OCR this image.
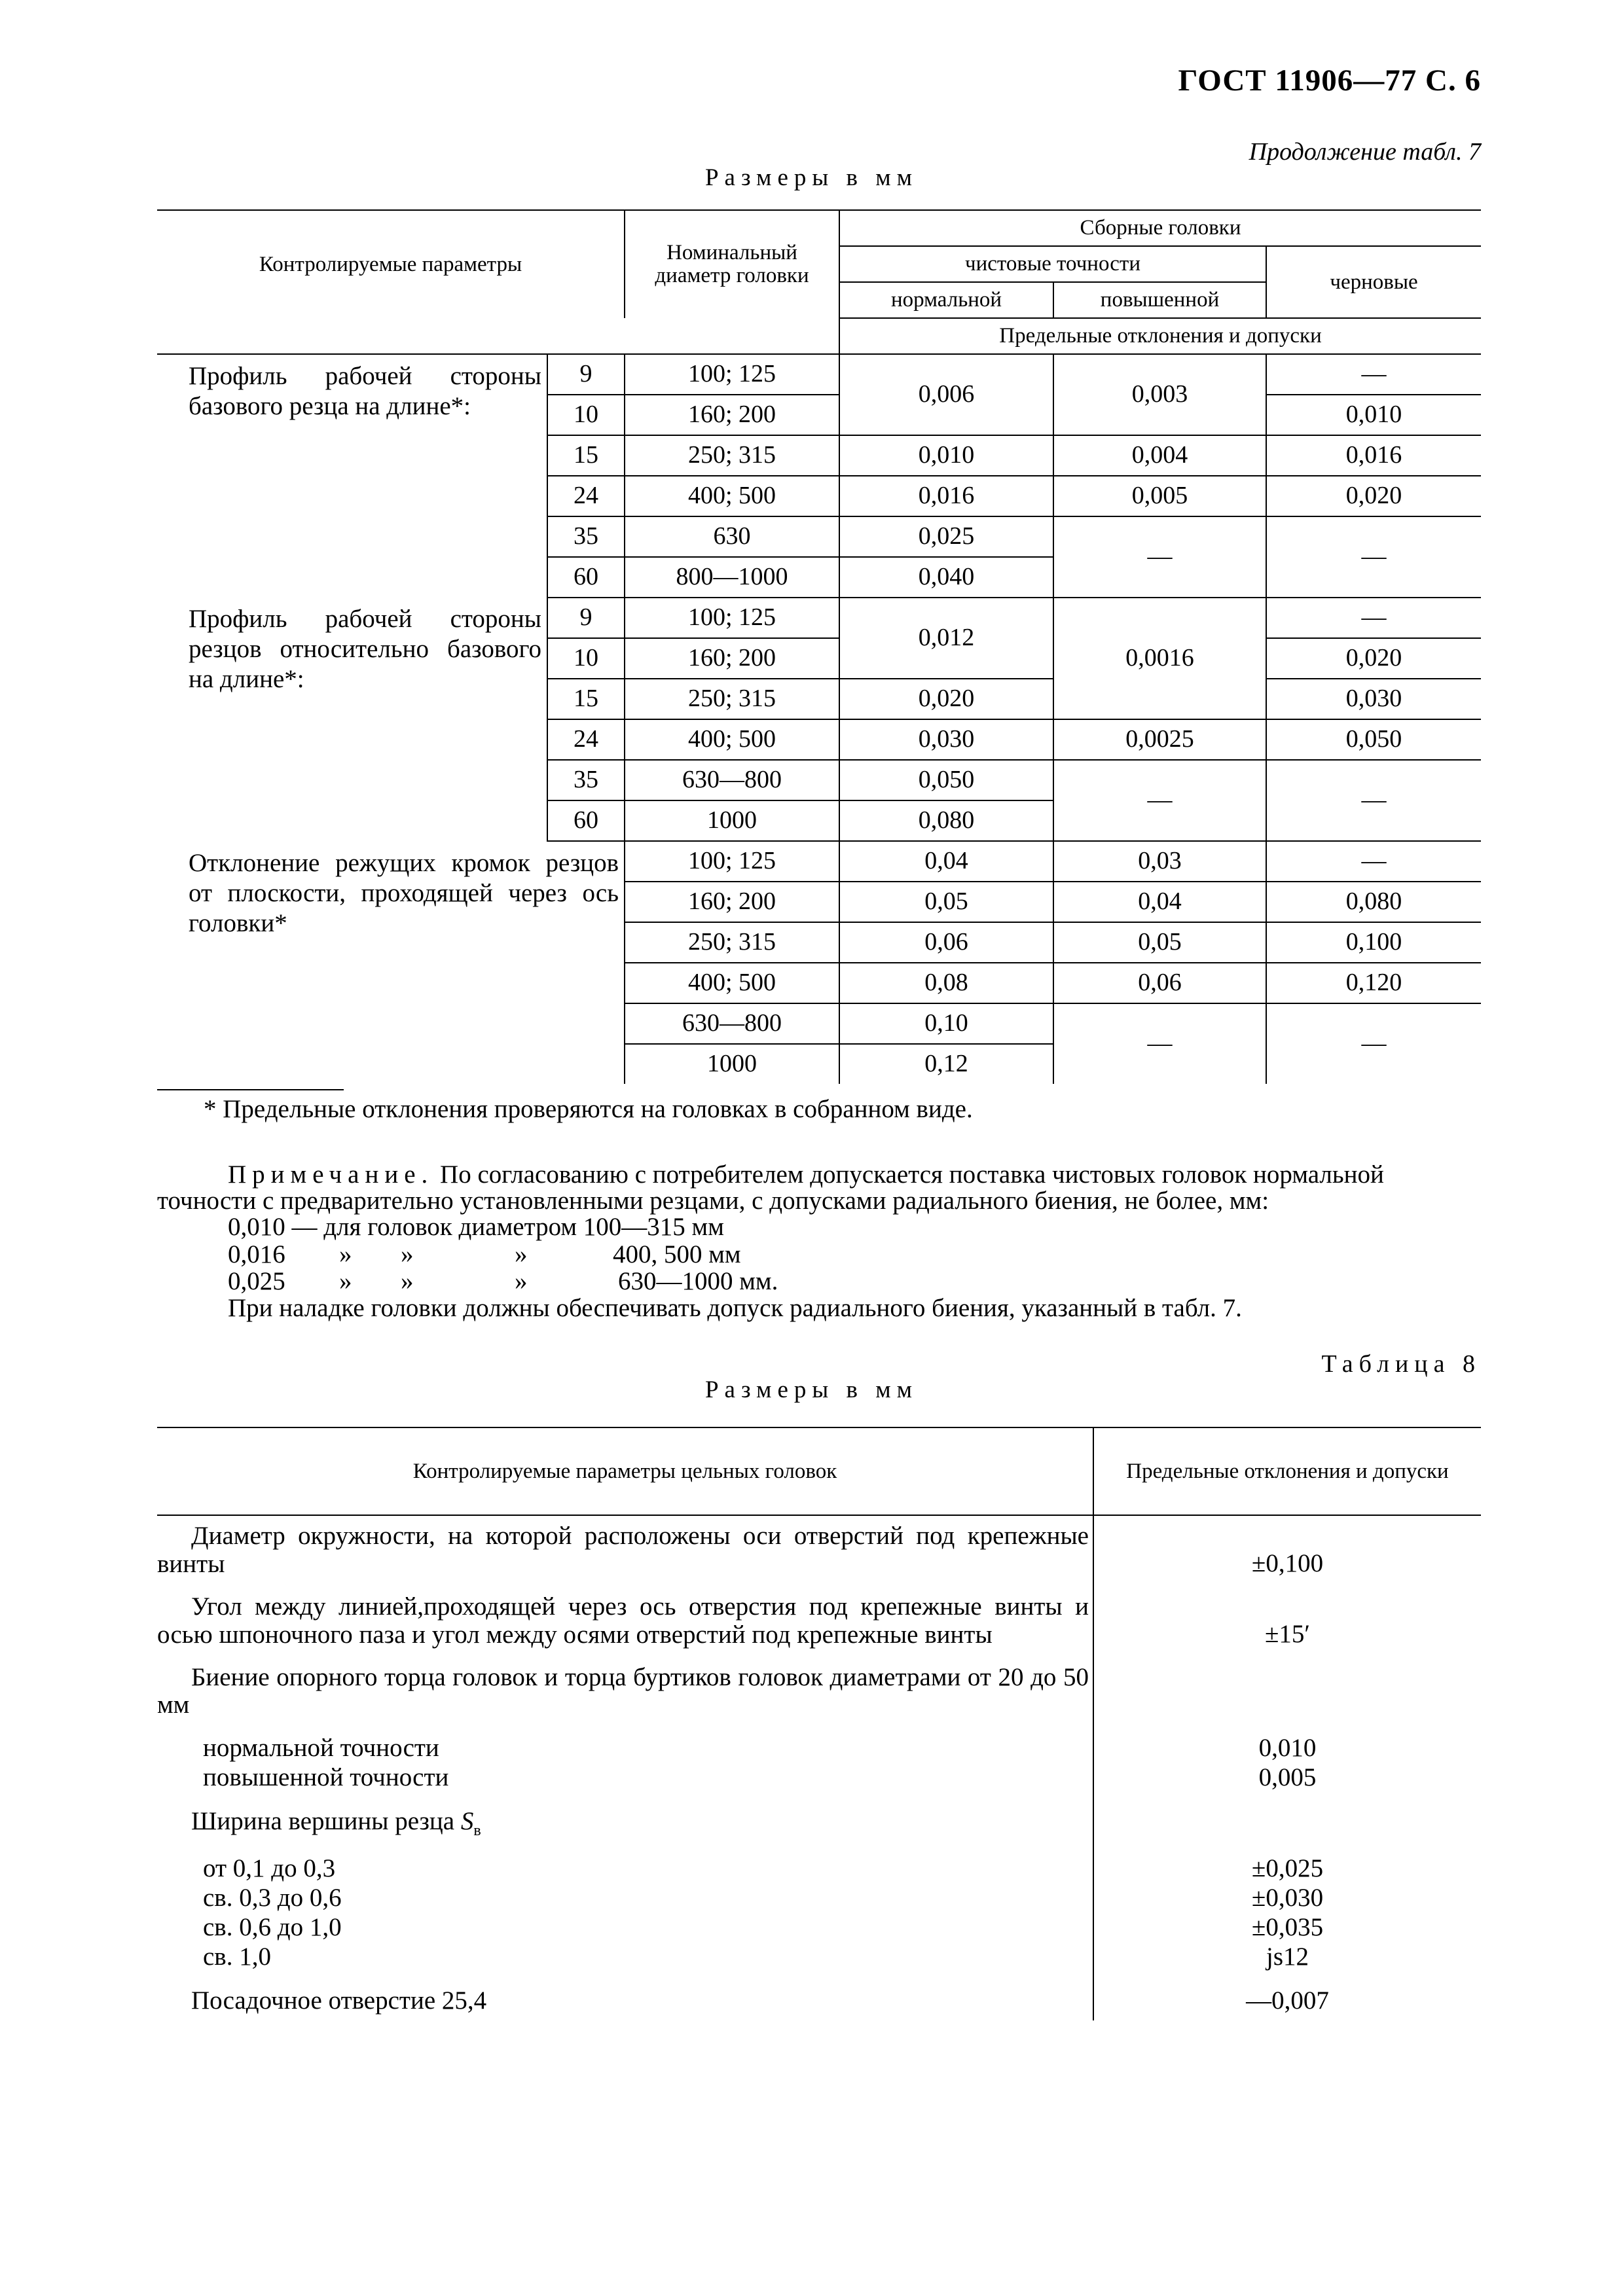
ГОСТ 11906—77 С. 6
Продолжение табл. 7
Размеры в мм
Контролируемые параметры		Номинальный диаметр головки	Сборные головки		
			чистовые точности		черновые
			нормальной	повышенной	
			Предельные отклонения и допуски		
Профиль рабочей стороны базового резца на длине*:	9	100; 125	0,006	0,003	—
	10	160; 200			0,010
	15	250; 315	0,010	0,004	0,016
	24	400; 500	0,016	0,005	0,020
	35	630	0,025	—	—
	60	800—1000	0,040		
Профиль рабочей стороны резцов относительно базового на длине*:	9	100; 125	0,012	0,0016	—
	10	160; 200			0,020
	15	250; 315	0,020		0,030
	24	400; 500	0,030	0,0025	0,050
	35	630—800	0,050	—	—
	60	1000	0,080		
Отклонение режущих кромок резцов от плоскости, проходящей через ось головки*		100; 125	0,04	0,03	—
		160; 200	0,05	0,04	0,080
		250; 315	0,06	0,05	0,100
		400; 500	0,08	0,06	0,120
		630—800	0,10	—	—
		1000	0,12		
* Предельные отклонения проверяются на головках в собранном виде.
Примечание. По согласованию с потребителем допускается поставка чистовых головок нормальной
точности с предварительно установленными резцами, с допусками радиального биения, не более, мм:
0,010 — для головок диаметром 100—315 мм
0,016 » »	»	400, 500 мм
0,025 » »	»	630—1000 мм.
При наладке головки должны обеспечивать допуск радиального биения, указанный в табл. 7.
Таблица 8
Размеры в мм
Контролируемые параметры цельных головок	Предельные отклонения и допуски
Диаметр окружности, на которой расположены оси отверстий под крепежные винты	±0,100

Угол между линией,проходящей через ось отверстия под крепежные винты и осью шпоночного паза и угол между осями отверстий под крепежные винты	±15′

Биение опорного торца головок и торца буртиков головок диаметрами от 20 до 50 мм	

нормальной точности	0,010
повышенной точности	0,005

Ширина вершины резца $S_в$	

от 0,1 до 0,3	±0,025
св. 0,3 до 0,6	±0,030
св. 0,6 до 1,0	±0,035
св. 1,0	js12

Посадочное отверстие 25,4	—0,007
